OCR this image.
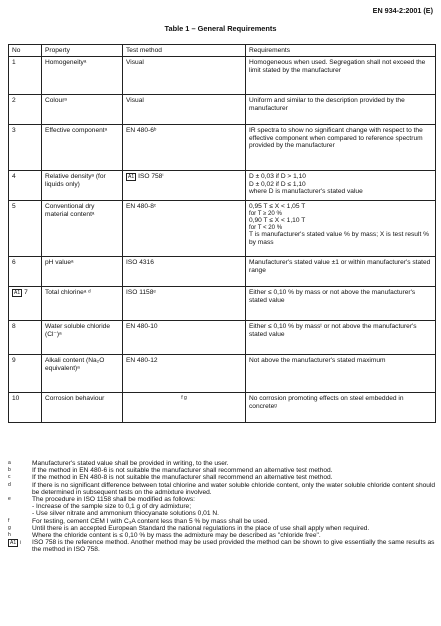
EN 934-2:2001 (E)
Table 1 – General Requirements
No	Property	Test method	Requirements
1	Homogeneityᵃ	Visual	Homogeneous when used. Segregation shall not exceed the limit stated by the manufacturer
2	Colourᵃ	Visual	Uniform and similar to the description provided by the manufacturer
3	Effective componentᵃ	EN 480-6ᵇ	IR spectra to show no significant change with respect to the effective component when compared to reference spectrum provided by the manufacturer
4	Relative densityᵃ (for liquids only)	A1 ISO 758ⁱ	D ± 0,03 if D > 1,10
D ± 0,02 if D ≤ 1,10
where D is manufacturer's stated value

5	Conventional dry material contentᵃ	EN 480-8ᶜ	0,95 T ≤ X < 1,05 T
for T ≥ 20 %
0,90 T ≤ X < 1,10 T
for T < 20 %
T is manufacturer's stated value % by mass; X is test result % by mass

6	pH valueᵃ	ISO 4316	Manufacturer's stated value ±1 or within manufacturer's stated range
A1 7	Total chlorineᵃ ᵈ	ISO 1158ᵉ	Either ≤ 0,10 % by mass or not above the manufacturer's stated value
8	Water soluble chloride (Cl⁻)ᵃ	EN 480-10	Either ≤ 0,10 % by massᵗ or not above the manufacturer's stated value
9	Alkali content (Na₂O equivalent)ᵃ	EN 480-12	Not above the manufacturer's stated maximum
10	Corrosion behaviour	f g	No corrosion promoting effects on steel embedded in concreteᵍ
a	Manufacturer's stated value shall be provided in writing, to the user.
b	If the method in EN 480-6 is not suitable the manufacturer shall recommend an alternative test method.
c	If the method in EN 480-8 is not suitable the manufacturer shall recommend an alternative test method.
d	If there is no significant difference between total chlorine and water soluble chloride content, only the water soluble chloride content should be determined in subsequent tests on the admixture involved.
e	The procedure in ISO 1158 shall be modified as follows:
- Increase of the sample size to 0,1 g of dry admixture;
- Use silver nitrate and ammonium thiocyanate solutions 0,01 N.
f	For testing, cement CEM I with C₃A content less than 5 % by mass shall be used.
g	Until there is an accepted European Standard the national regulations in the place of use shall apply when required.
h	Where the chloride content is ≤ 0,10 % by mass the admixture may be described as "chloride free".
A1 i	ISO 758 is the reference method. Another method may be used provided the method can be shown to give essentially the same results as the method in ISO 758.
